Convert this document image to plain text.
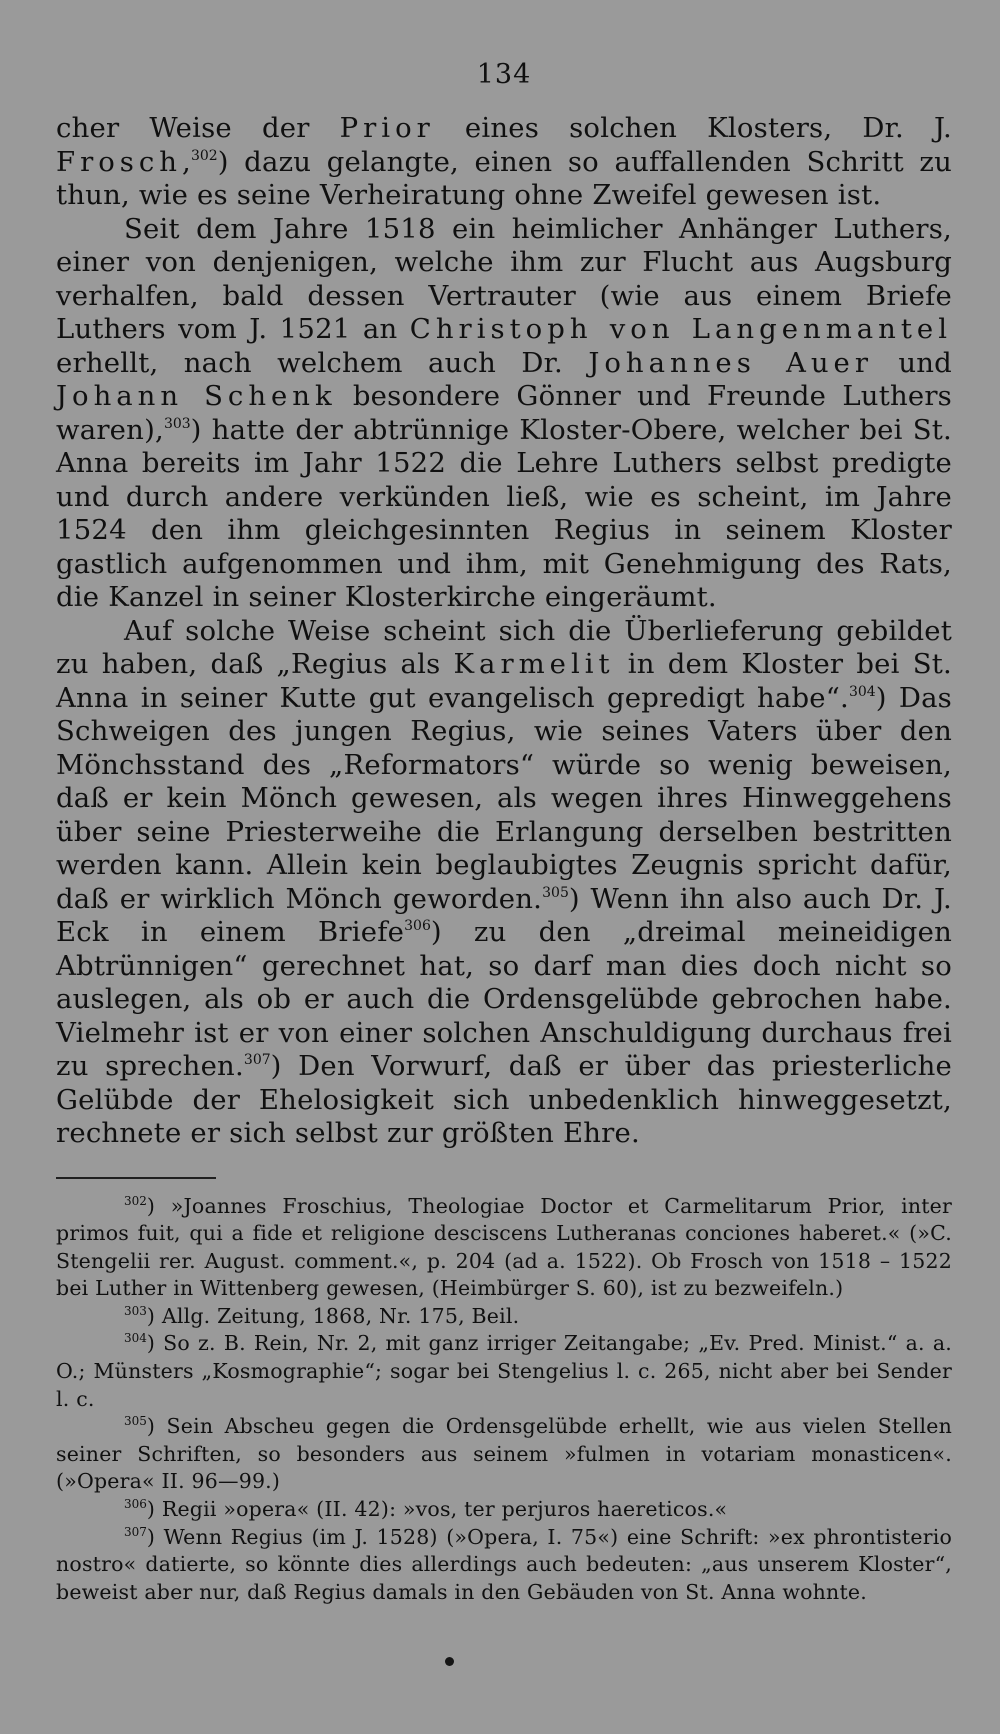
134

cher Weise der Prior eines solchen Klosters, Dr. J. Frosch,$^{302}$) dazu gelangte, einen so auffallenden Schritt zu thun, wie es seine Verheiratung ohne Zweifel gewesen ist.

Seit dem Jahre 1518 ein heimlicher Anhänger Luthers, einer von denjenigen, welche ihm zur Flucht aus Augsburg verhalfen, bald dessen Vertrauter (wie aus einem Briefe Luthers vom J. 1521 an Christoph von Langenmantel erhellt, nach welchem auch Dr. Johannes Auer und Johann Schenk besondere Gönner und Freunde Luthers waren),$^{303}$) hatte der abtrünnige Kloster-Obere, welcher bei St. Anna bereits im Jahr 1522 die Lehre Luthers selbst predigte und durch andere verkünden ließ, wie es scheint, im Jahre 1524 den ihm gleichgesinnten Regius in seinem Kloster gastlich aufgenommen und ihm, mit Genehmigung des Rats, die Kanzel in seiner Klosterkirche eingeräumt.

Auf solche Weise scheint sich die Überlieferung gebildet zu haben, daß „Regius als Karmelit in dem Kloster bei St. Anna in seiner Kutte gut evangelisch gepredigt habe“.$^{304}$) Das Schweigen des jungen Regius, wie seines Vaters über den Mönchsstand des „Reformators“ würde so wenig beweisen, daß er kein Mönch gewesen, als wegen ihres Hinweggehens über seine Priesterweihe die Erlangung derselben bestritten werden kann. Allein kein beglaubigtes Zeugnis spricht dafür, daß er wirklich Mönch geworden.$^{305}$) Wenn ihn also auch Dr. J. Eck in einem Briefe$^{306}$) zu den „dreimal meineidigen Abtrünnigen“ gerechnet hat, so darf man dies doch nicht so auslegen, als ob er auch die Ordensgelübde gebrochen habe. Vielmehr ist er von einer solchen Anschuldigung durchaus frei zu sprechen.$^{307}$) Den Vorwurf, daß er über das priesterliche Gelübde der Ehelosigkeit sich unbedenklich hinweggesetzt, rechnete er sich selbst zur größten Ehre.

$^{302}$) »Joannes Froschius, Theologiae Doctor et Carmelitarum Prior, inter primos fuit, qui a fide et religione desciscens Lutheranas conciones haberet.« (»C. Stengelii rer. August. comment.«, p. 204 (ad a. 1522). Ob Frosch von 1518 – 1522 bei Luther in Wittenberg gewesen, (Heimbürger S. 60), ist zu bezweifeln.)

$^{303}$) Allg. Zeitung, 1868, Nr. 175, Beil.

$^{304}$) So z. B. Rein, Nr. 2, mit ganz irriger Zeitangabe; „Ev. Pred. Minist.“ a. a. O.; Münsters „Kosmographie“; sogar bei Stengelius l. c. 265, nicht aber bei Sender l. c.

$^{305}$) Sein Abscheu gegen die Ordensgelübde erhellt, wie aus vielen Stellen seiner Schriften, so besonders aus seinem »fulmen in votariam monasticen«. (»Opera« II. 96—99.)

$^{306}$) Regii »opera« (II. 42): »vos, ter perjuros haereticos.«

$^{307}$) Wenn Regius (im J. 1528) (»Opera, I. 75«) eine Schrift: »ex phrontisterio nostro« datierte, so könnte dies allerdings auch bedeuten: „aus unserem Kloster“, beweist aber nur, daß Regius damals in den Gebäuden von St. Anna wohnte.
